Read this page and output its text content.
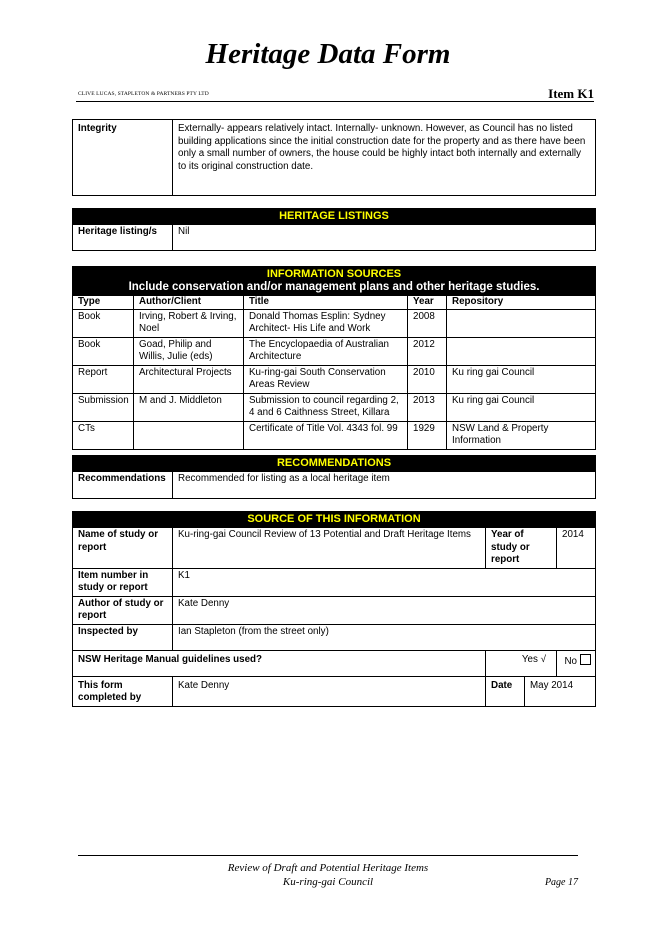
Heritage Data Form
CLIVE LUCAS, STAPLETON & PARTNERS PTY LTD	Item K1
Integrity	Externally- appears relatively intact. Internally- unknown. However, as Council has no listed building applications since the initial construction date for the property and as there have been only a small number of owners, the house could be highly intact both internally and externally to its original construction date.
HERITAGE LISTINGS
Heritage listing/s	Nil
INFORMATION SOURCES
Include conservation and/or management plans and other heritage studies.				

Type	Author/Client	Title	Year	Repository
Book	Irving, Robert & Irving, Noel	Donald Thomas Esplin: Sydney Architect- His Life and Work	2008	
Book	Goad, Philip and Willis, Julie (eds)	The Encyclopaedia of Australian Architecture	2012	
Report	Architectural Projects	Ku-ring-gai South Conservation Areas Review	2010	Ku ring gai Council
Submission	M and J. Middleton	Submission to council regarding 2, 4 and 6 Caithness Street, Killara	2013	Ku ring gai Council
CTs		Certificate of Title Vol. 4343 fol. 99	1929	NSW Land & Property Information
RECOMMENDATIONS
Recommendations	Recommended for listing as a local heritage item
SOURCE OF THIS INFORMATION				
Name of study or report	Ku-ring-gai Council Review of 13 Potential and Draft Heritage Items	Year of study or report		2014
Item number in study or report	K1			
Author of study or report	Kate Denny			
Inspected by	Ian Stapleton (from the street only)			
NSW Heritage Manual guidelines used?		Yes √		No
This form completed by	Kate Denny	Date	May 2014	
Review of Draft and Potential Heritage Items
Ku-ring-gai Council	Page 17
